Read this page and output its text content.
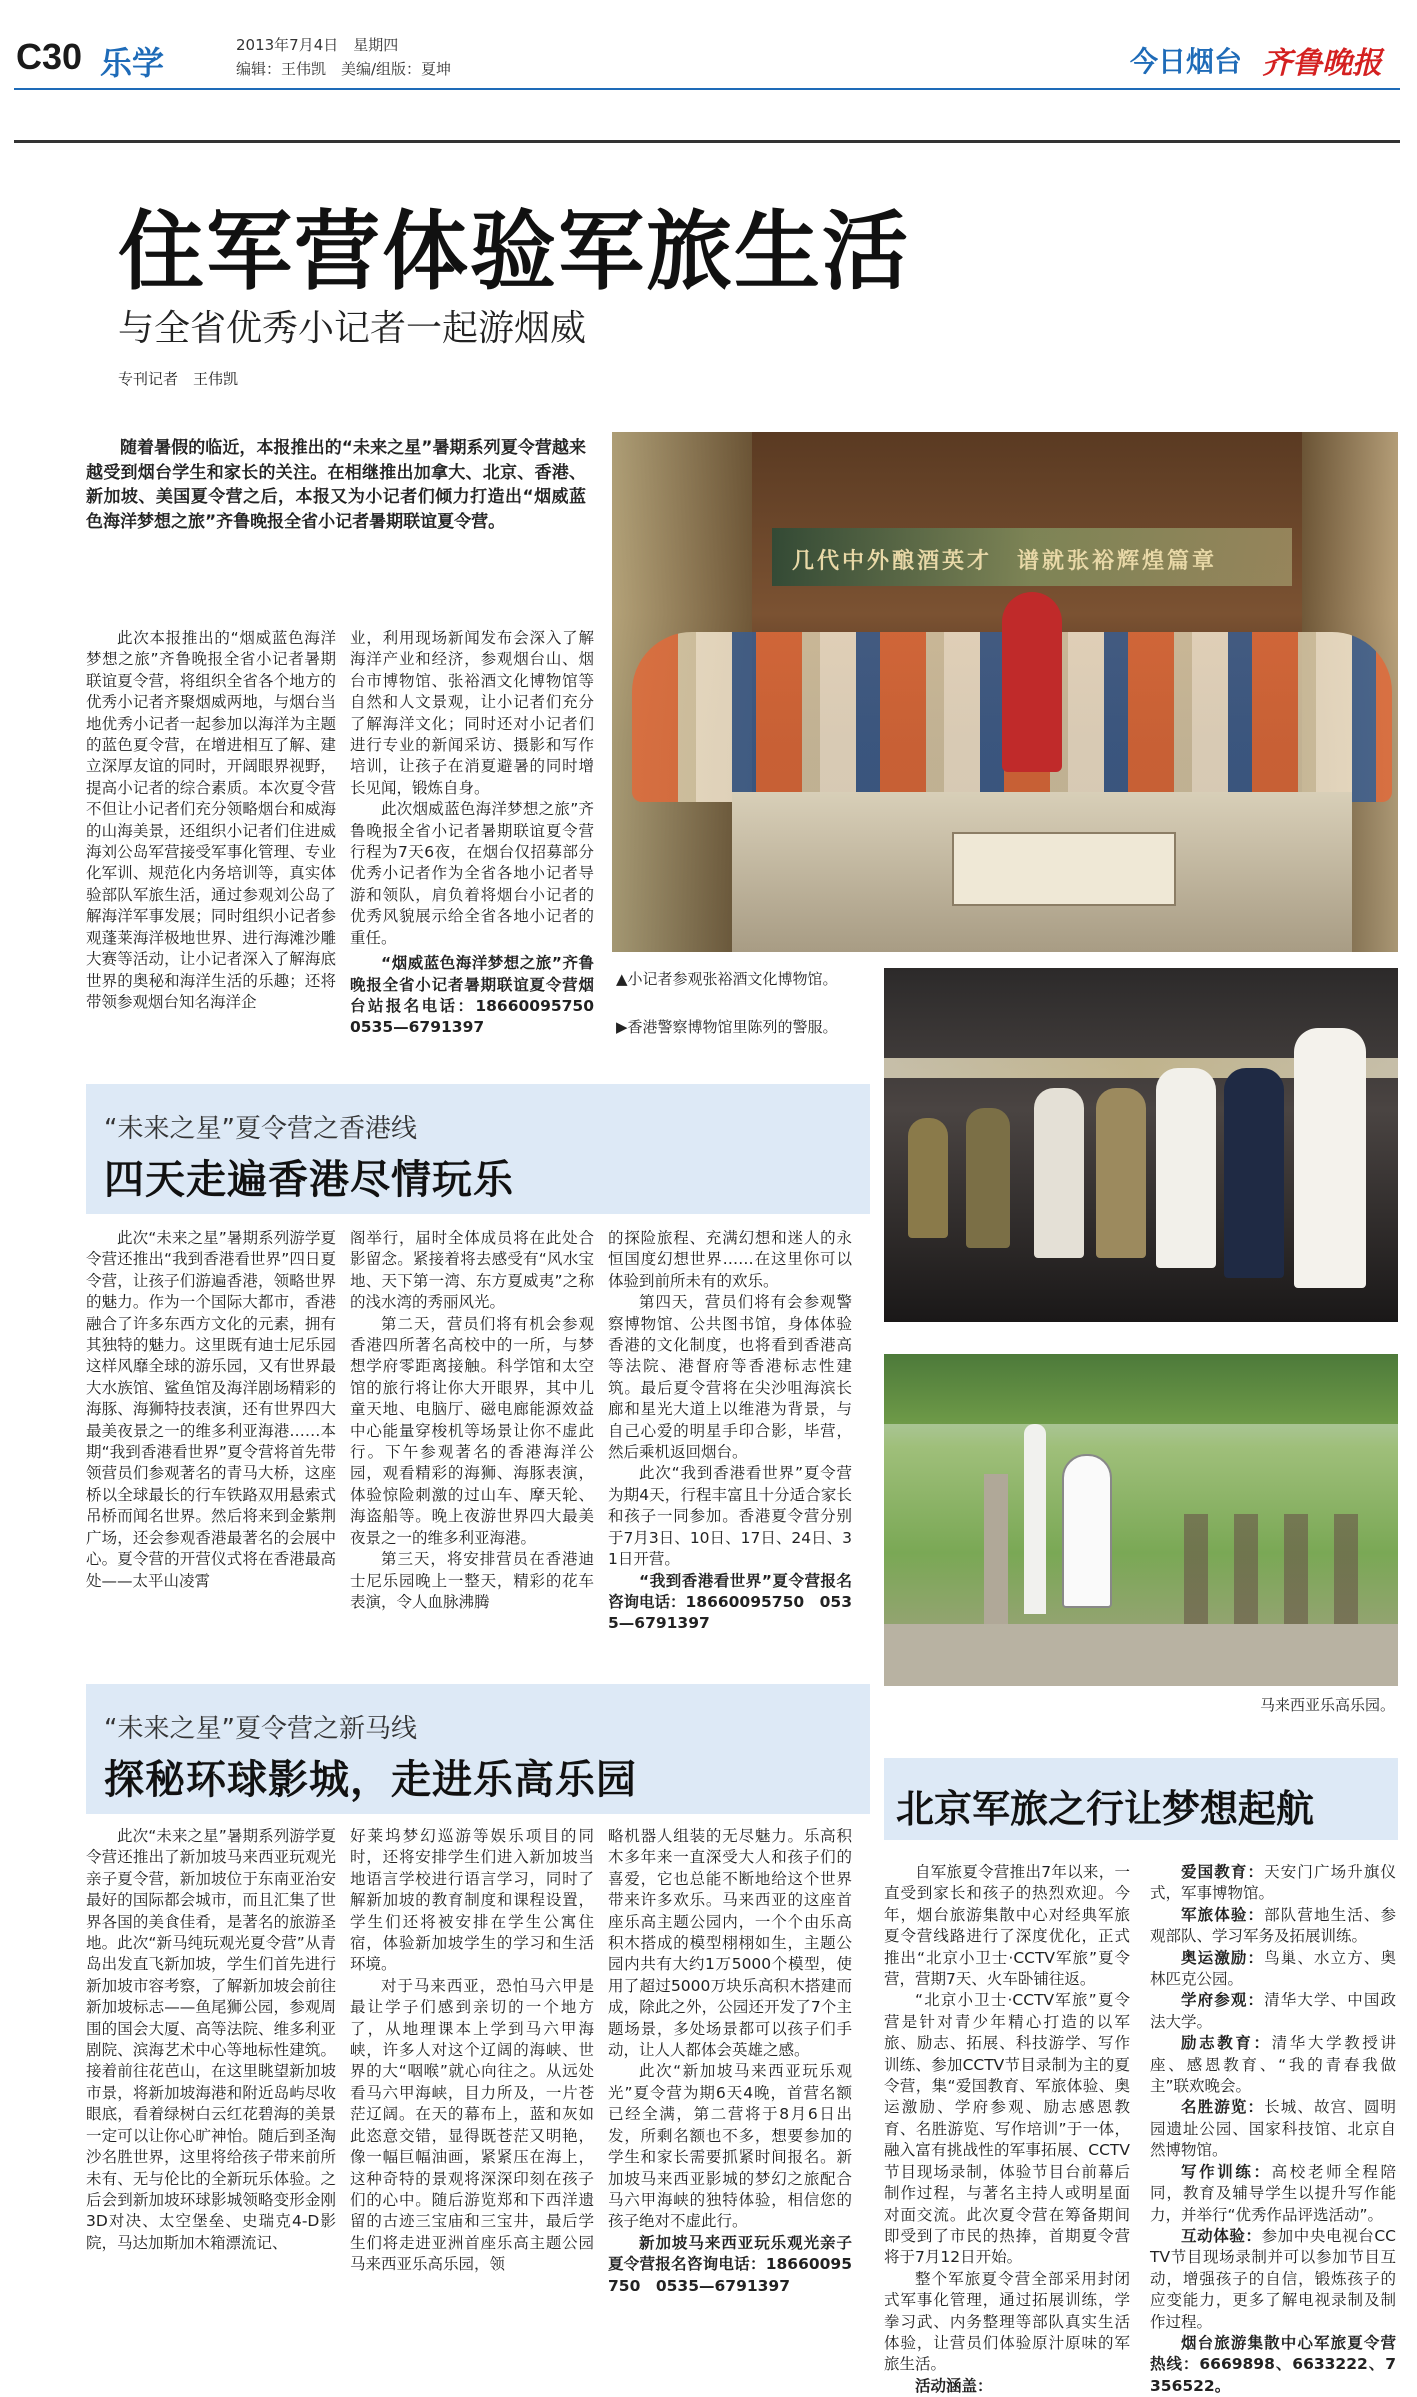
C30 乐学	2013年7月4日　星期四
编辑：王伟凯　美编/组版：夏坤	今日烟台 齐鲁晚报
住军营体验军旅生活
与全省优秀小记者一起游烟威
专刊记者　王伟凯
随着暑假的临近，本报推出的“未来之星”暑期系列夏令营越来越受到烟台学生和家长的关注。在相继推出加拿大、北京、香港、新加坡、美国夏令营之后，本报又为小记者们倾力打造出“烟威蓝色海洋梦想之旅”齐鲁晚报全省小记者暑期联谊夏令营。

此次本报推出的“烟威蓝色海洋梦想之旅”齐鲁晚报全省小记者暑期联谊夏令营，将组织全省各个地方的优秀小记者齐聚烟威两地，与烟台当地优秀小记者一起参加以海洋为主题的蓝色夏令营，在增进相互了解、建立深厚友谊的同时，开阔眼界视野，提高小记者的综合素质。本次夏令营不但让小记者们充分领略烟台和威海的山海美景，还组织小记者们住进威海刘公岛军营接受军事化管理、专业化军训、规范化内务培训等，真实体验部队军旅生活，通过参观刘公岛了解海洋军事发展；同时组织小记者参观蓬莱海洋极地世界、进行海滩沙雕大赛等活动，让小记者深入了解海底世界的奥秘和海洋生活的乐趣；还将带领参观烟台知名海洋企

业，利用现场新闻发布会深入了解海洋产业和经济，参观烟台山、烟台市博物馆、张裕酒文化博物馆等自然和人文景观，让小记者们充分了解海洋文化；同时还对小记者们进行专业的新闻采访、摄影和写作培训，让孩子在消夏避暑的同时增长见闻，锻炼自身。

此次烟威蓝色海洋梦想之旅”齐鲁晚报全省小记者暑期联谊夏令营行程为7天6夜，在烟台仅招募部分优秀小记者作为全省各地小记者导游和领队，肩负着将烟台小记者的优秀风貌展示给全省各地小记者的重任。

“烟威蓝色海洋梦想之旅”齐鲁晚报全省小记者暑期联谊夏令营烟台站报名电话：18660095750　0535—6791397

几代中外酿酒英才　谱就张裕辉煌篇章
▲小记者参观张裕酒文化博物馆。
▶香港警察博物馆里陈列的警服。
“未来之星”夏令营之香港线
四天走遍香港尽情玩乐

此次“未来之星”暑期系列游学夏令营还推出“我到香港看世界”四日夏令营，让孩子们游遍香港，领略世界的魅力。作为一个国际大都市，香港融合了许多东西方文化的元素，拥有其独特的魅力。这里既有迪士尼乐园这样风靡全球的游乐园，又有世界最大水族馆、鲨鱼馆及海洋剧场精彩的海豚、海狮特技表演，还有世界四大最美夜景之一的维多利亚海港……本期“我到香港看世界”夏令营将首先带领营员们参观著名的青马大桥，这座桥以全球最长的行车铁路双用悬索式吊桥而闻名世界。然后将来到金紫荆广场，还会参观香港最著名的会展中心。夏令营的开营仪式将在香港最高处——太平山凌霄

阁举行，届时全体成员将在此处合影留念。紧接着将去感受有“风水宝地、天下第一湾、东方夏威夷”之称的浅水湾的秀丽风光。

第二天，营员们将有机会参观香港四所著名高校中的一所，与梦想学府零距离接触。科学馆和太空馆的旅行将让你大开眼界，其中儿童天地、电脑厅、磁电廊能源效益中心能量穿梭机等场景让你不虚此行。下午参观著名的香港海洋公园，观看精彩的海狮、海豚表演，体验惊险刺激的过山车、摩天轮、海盗船等。晚上夜游世界四大最美夜景之一的维多利亚海港。

第三天，将安排营员在香港迪士尼乐园晚上一整天，精彩的花车表演，令人血脉沸腾

的探险旅程、充满幻想和迷人的永恒国度幻想世界……在这里你可以体验到前所未有的欢乐。

第四天，营员们将有会参观警察博物馆、公共图书馆，身体体验香港的文化制度，也将看到香港高等法院、港督府等香港标志性建筑。最后夏令营将在尖沙咀海滨长廊和星光大道上以维港为背景，与自己心爱的明星手印合影，毕营，然后乘机返回烟台。

此次“我到香港看世界”夏令营为期4天，行程丰富且十分适合家长和孩子一同参加。香港夏令营分别于7月3日、10日、17日、24日、31日开营。

“我到香港看世界”夏令营报名咨询电话：18660095750　0535—6791397

马来西亚乐高乐园。
“未来之星”夏令营之新马线
探秘环球影城，走进乐高乐园

此次“未来之星”暑期系列游学夏令营还推出了新加坡马来西亚玩观光亲子夏令营，新加坡位于东南亚治安最好的国际都会城市，而且汇集了世界各国的美食佳肴，是著名的旅游圣地。此次“新马纯玩观光夏令营”从青岛出发直飞新加坡，学生们首先进行新加坡市容考察，了解新加坡会前往新加坡标志——鱼尾狮公园，参观周围的国会大厦、高等法院、维多利亚剧院、滨海艺术中心等地标性建筑。接着前往花芭山，在这里眺望新加坡市景，将新加坡海港和附近岛屿尽收眼底，看着绿树白云红花碧海的美景一定可以让你心旷神怡。随后到圣淘沙名胜世界，这里将给孩子带来前所未有、无与伦比的全新玩乐体验。之后会到新加坡环球影城领略变形金刚3D对决、太空堡垒、史瑞克4-D影院，马达加斯加木箱漂流记、

好莱坞梦幻巡游等娱乐项目的同时，还将安排学生们进入新加坡当地语言学校进行语言学习，同时了解新加坡的教育制度和课程设置，学生们还将被安排在学生公寓住宿，体验新加坡学生的学习和生活环境。

对于马来西亚，恐怕马六甲是最让学子们感到亲切的一个地方了，从地理课本上学到马六甲海峡，许多人对这个辽阔的海峡、世界的大“咽喉”就心向往之。从远处看马六甲海峡，目力所及，一片苍茫辽阔。在天的幕布上，蓝和灰如此恣意交错，显得既苍茫又明艳，像一幅巨幅油画，紧紧压在海上，这种奇特的景观将深深印刻在孩子们的心中。随后游览郑和下西洋遗留的古迹三宝庙和三宝井，最后学生们将走进亚洲首座乐高主题公园马来西亚乐高乐园，领

略机器人组装的无尽魅力。乐高积木多年来一直深受大人和孩子们的喜爱，它也总能不断地给这个世界带来许多欢乐。马来西亚的这座首座乐高主题公园内，一个个由乐高积木搭成的模型栩栩如生，主题公园内共有大约1万5000个模型，使用了超过5000万块乐高积木搭建而成，除此之外，公园还开发了7个主题场景，多处场景都可以孩子们手动，让人人都体会英雄之感。

此次“新加坡马来西亚玩乐观光”夏令营为期6天4晚，首营名额已经全满，第二营将于8月6日出发，所剩名额也不多，想要参加的学生和家长需要抓紧时间报名。新加坡马来西亚影城的梦幻之旅配合马六甲海峡的独特体验，相信您的孩子绝对不虚此行。

新加坡马来西亚玩乐观光亲子夏令营报名咨询电话：18660095750　0535—6791397

北京军旅之行让梦想起航

自军旅夏令营推出7年以来，一直受到家长和孩子的热烈欢迎。今年，烟台旅游集散中心对经典军旅夏令营线路进行了深度优化，正式推出“北京小卫士·CCTV军旅”夏令营，营期7天、火车卧铺往返。

“北京小卫士·CCTV军旅”夏令营是针对青少年精心打造的以军旅、励志、拓展、科技游学、写作训练、参加CCTV节目录制为主的夏令营，集“爱国教育、军旅体验、奥运激励、学府参观、励志感恩教育、名胜游览、写作培训”于一体，融入富有挑战性的军事拓展、CCTV节目现场录制，体验节目台前幕后制作过程，与著名主持人或明星面对面交流。此次夏令营在筹备期间即受到了市民的热捧，首期夏令营将于7月12日开始。

整个军旅夏令营全部采用封闭式军事化管理，通过拓展训练，学拳习武、内务整理等部队真实生活体验，让营员们体验原汁原味的军旅生活。

活动涵盖：

爱国教育：天安门广场升旗仪式，军事博物馆。

军旅体验：部队营地生活、参观部队、学习军务及拓展训练。

奥运激励：鸟巢、水立方、奥林匹克公园。

学府参观：清华大学、中国政法大学。

励志教育：清华大学教授讲座、感恩教育、“我的青春我做主”联欢晚会。

名胜游览：长城、故宫、圆明园遗址公园、国家科技馆、北京自然博物馆。

写作训练：高校老师全程陪同，教育及辅导学生以提升写作能力，并举行“优秀作品评选活动”。

互动体验：参加中央电视台CCTV节目现场录制并可以参加节目互动，增强孩子的自信，锻炼孩子的应变能力，更多了解电视录制及制作过程。

烟台旅游集散中心军旅夏令营热线：6669898、6633222、7356522。
